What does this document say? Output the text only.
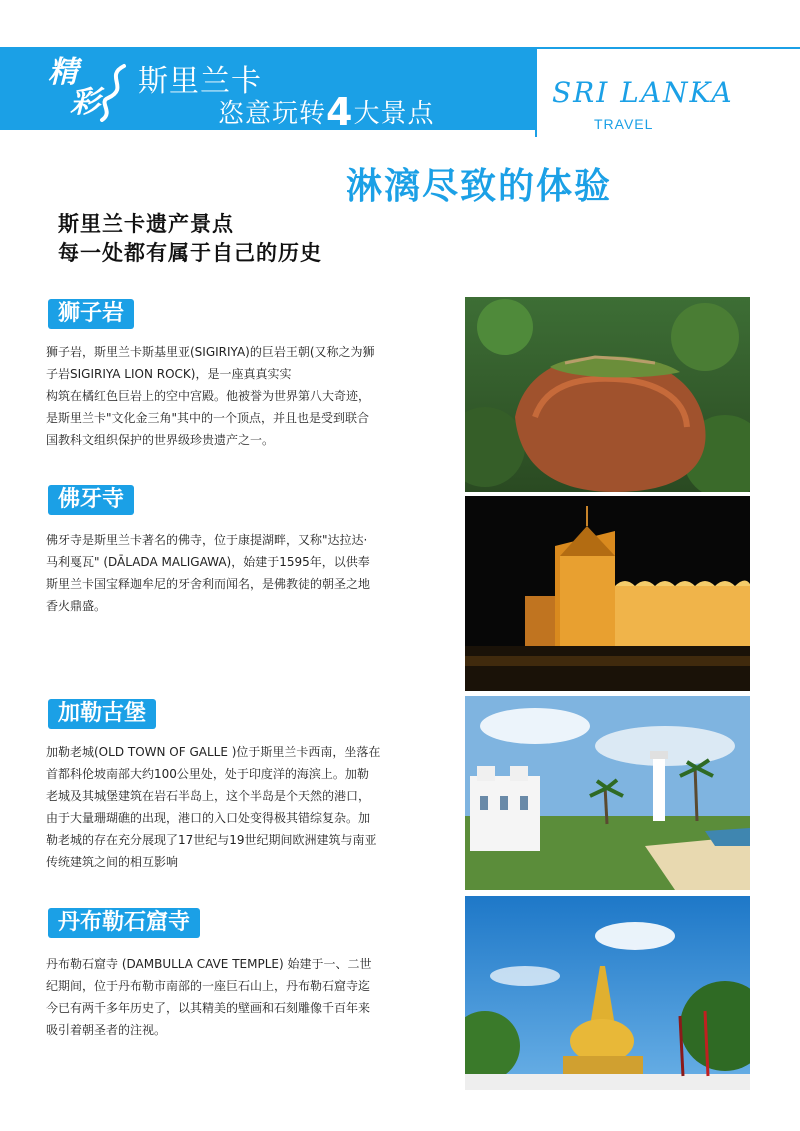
精
彩
斯里兰卡
恣意玩转4大景点
SRI LANKA
TRAVEL
淋漓尽致的体验
斯里兰卡遗产景点
每一处都有属于自己的历史
狮子岩
狮子岩，斯里兰卡斯基里亚(SIGIRIYA)的巨岩王朝(又称之为狮
子岩SIGIRIYA LION ROCK)，是一座真真实实
构筑在橘红色巨岩上的空中宫殿。他被誉为世界第八大奇迹，
是斯里兰卡"文化金三角"其中的一个顶点，并且也是受到联合
国教科文组织保护的世界级珍贵遗产之一。
佛牙寺
佛牙寺是斯里兰卡著名的佛寺，位于康提湖畔，又称"达拉达·
马利戛瓦" (DĀLADA MALIGAWA)，始建于1595年，以供奉
斯里兰卡国宝释迦牟尼的牙舍利而闻名，是佛教徒的朝圣之地
香火鼎盛。
加勒古堡
加勒老城(OLD TOWN OF GALLE )位于斯里兰卡西南，坐落在
首都科伦坡南部大约100公里处，处于印度洋的海滨上。加勒
老城及其城堡建筑在岩石半岛上，这个半岛是个天然的港口，
由于大量珊瑚礁的出现，港口的入口处变得极其错综复杂。加
勒老城的存在充分展现了17世纪与19世纪期间欧洲建筑与南亚
传统建筑之间的相互影响
丹布勒石窟寺
丹布勒石窟寺 (DAMBULLA CAVE TEMPLE) 始建于一、二世
纪期间，位于丹布勒市南部的一座巨石山上，丹布勒石窟寺迄
今已有两千多年历史了，以其精美的壁画和石刻雕像千百年来
吸引着朝圣者的注视。
